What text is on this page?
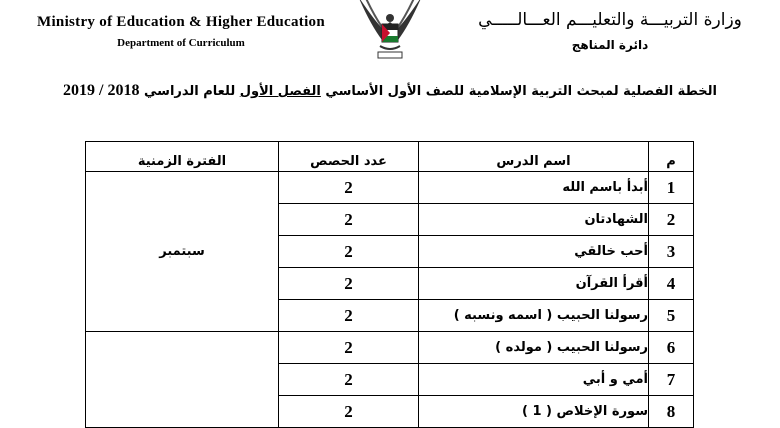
Ministry of Education & Higher Education
Department of Curriculum
وزارة التربيـــة والتعليـــم العـــالـــــي
دائرة المناهج
الخطة الفصلية لمبحث التربية الإسلامية للصف الأول الأساسي الفصل الأول للعام الدراسي 2018 / 2019
م	اسم الدرس	عدد الحصص	الفترة الزمنية
1	أبدأ باسم الله	2	سبتمبر
2	الشهادتان	2	
3	أحب خالقي	2	
4	أقرأ القرآن	2	
5	رسولنا الحبيب ( اسمه ونسبه )	2	
6	رسولنا الحبيب ( مولده )	2	
7	أمي و أبي	2	
8	سورة الإخلاص ( 1 )	2	
